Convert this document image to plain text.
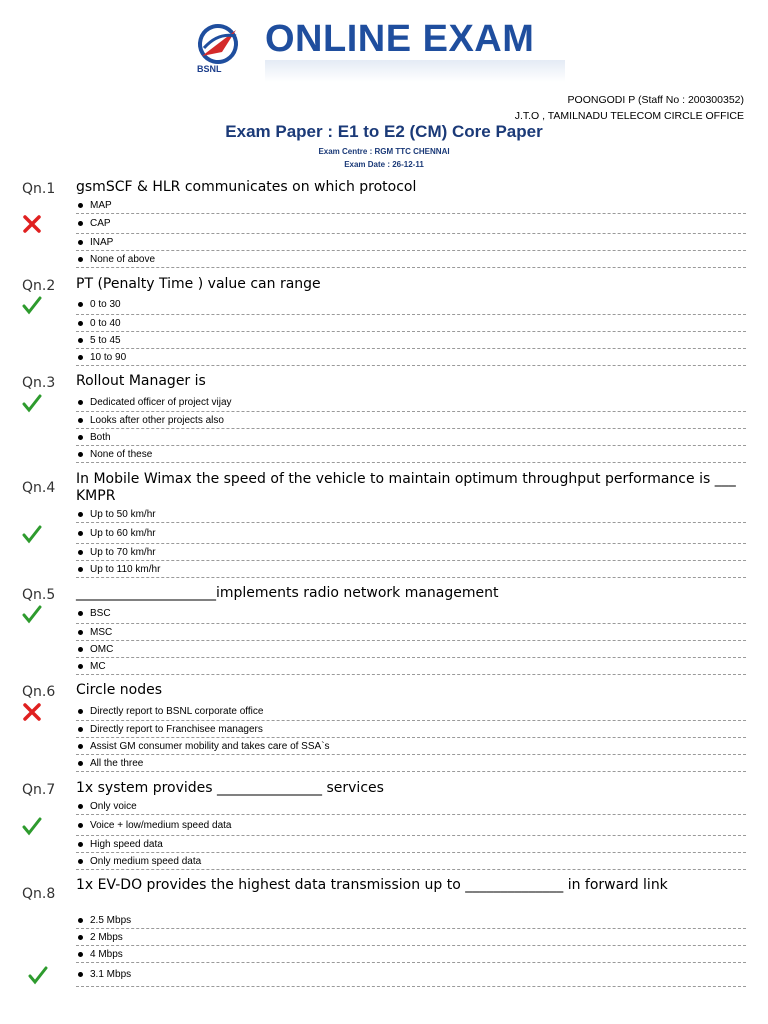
BSNL
ONLINE EXAM
POONGODI P (Staff No : 200300352)
J.T.O , TAMILNADU TELECOM CIRCLE OFFICE
Exam Paper : E1 to E2 (CM) Core Paper
Exam Centre : RGM TTC CHENNAI
Exam Date : 26-12-11
Qn.1 gsmSCF & HLR communicates on which protocol
MAP
CAP
INAP
None of above
Qn.2 PT (Penalty Time ) value can range
0 to 30
0 to 40
5 to 45
10 to 90
Qn.3 Rollout Manager is
Dedicated officer of project vijay
Looks after other projects also
Both
None of these
Qn.4
In Mobile Wimax the speed of the vehicle to maintain optimum throughput performance is ___ KMPR
Up to 50 km/hr
Up to 60 km/hr
Up to 70 km/hr
Up to 110 km/hr
Qn.5 ____________________implements radio network management
BSC
MSC
OMC
MC
Qn.6 Circle nodes
Directly report to BSNL corporate office
Directly report to Franchisee managers
Assist GM consumer mobility and takes care of SSA`s
All the three
Qn.7 1x system provides _______________ services
Only voice
Voice + low/medium speed data
High speed data
Only medium speed data
Qn.8
1x EV-DO provides the highest data transmission up to ______________ in forward link
2.5 Mbps
2 Mbps
4 Mbps
3.1 Mbps
